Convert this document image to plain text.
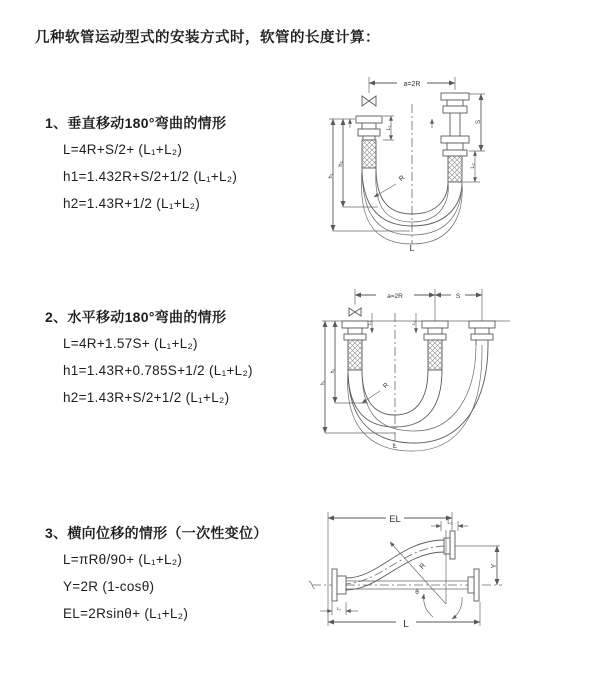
几种软管运动型式的安装方式时，软管的长度计算：
1、垂直移动180°弯曲的情形
L=4R+S/2+ (L₁+L₂)
h1=1.432R+S/2+1/2 (L₁+L₂)
h2=1.43R+1/2 (L₁+L₂)
2、水平移动180°弯曲的情形
L=4R+1.57S+ (L₁+L₂)
h1=1.43R+0.785S+1/2 (L₁+L₂)
h2=1.43R+S/2+1/2 (L₁+L₂)
3、横向位移的情形（一次性变位）
L=πRθ/90+ (L₁+L₂)
Y=2R (1-cosθ)
EL=2Rsinθ+ (L₁+L₂)
a=2R
L₁
h₁
h₂
S
L₂
R
L
a=2R	S
L₁	L₂
h₁
h₂
R
L
EL	L₂
Y
θ
R
L₁
L
